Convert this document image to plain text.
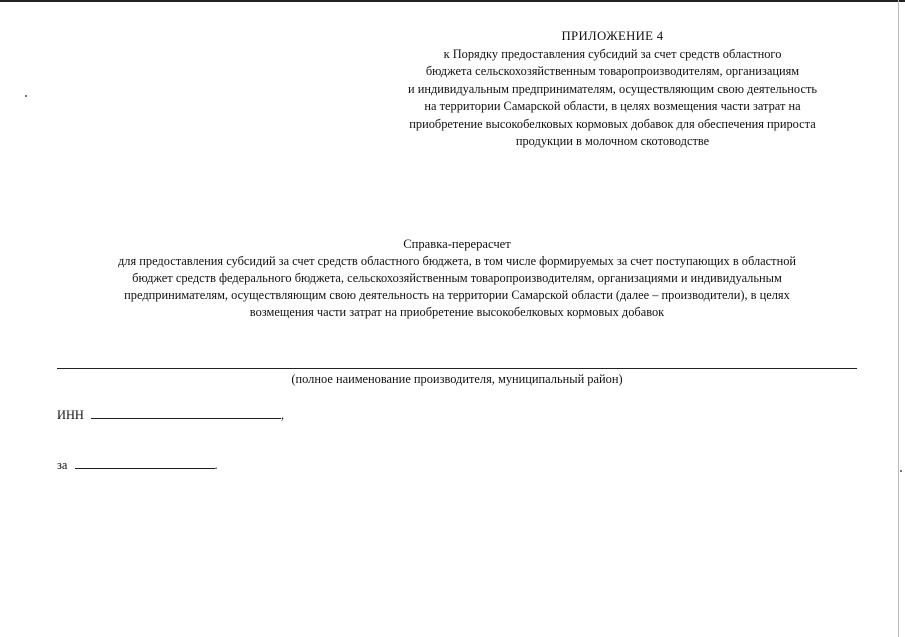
ПРИЛОЖЕНИЕ 4
к Порядку предоставления субсидий за счет средств областного
бюджета сельскохозяйственным товаропроизводителям, организациям
и индивидуальным предпринимателям, осуществляющим свою деятельность
на территории Самарской области, в целях возмещения части затрат на
приобретение высокобелковых кормовых добавок для обеспечения прироста
продукции в молочном скотоводстве
Справка-перерасчет
для предоставления субсидий за счет средств областного бюджета, в том числе формируемых за счет поступающих в областной
бюджет средств федерального бюджета, сельскохозяйственным товаропроизводителям, организациями и индивидуальным
предпринимателям, осуществляющим свою деятельность на территории Самарской области (далее – производители), в целях
возмещения части затрат на приобретение высокобелковых кормовых добавок
(полное наименование производителя, муниципальный район)
ИНН	,
за	.
